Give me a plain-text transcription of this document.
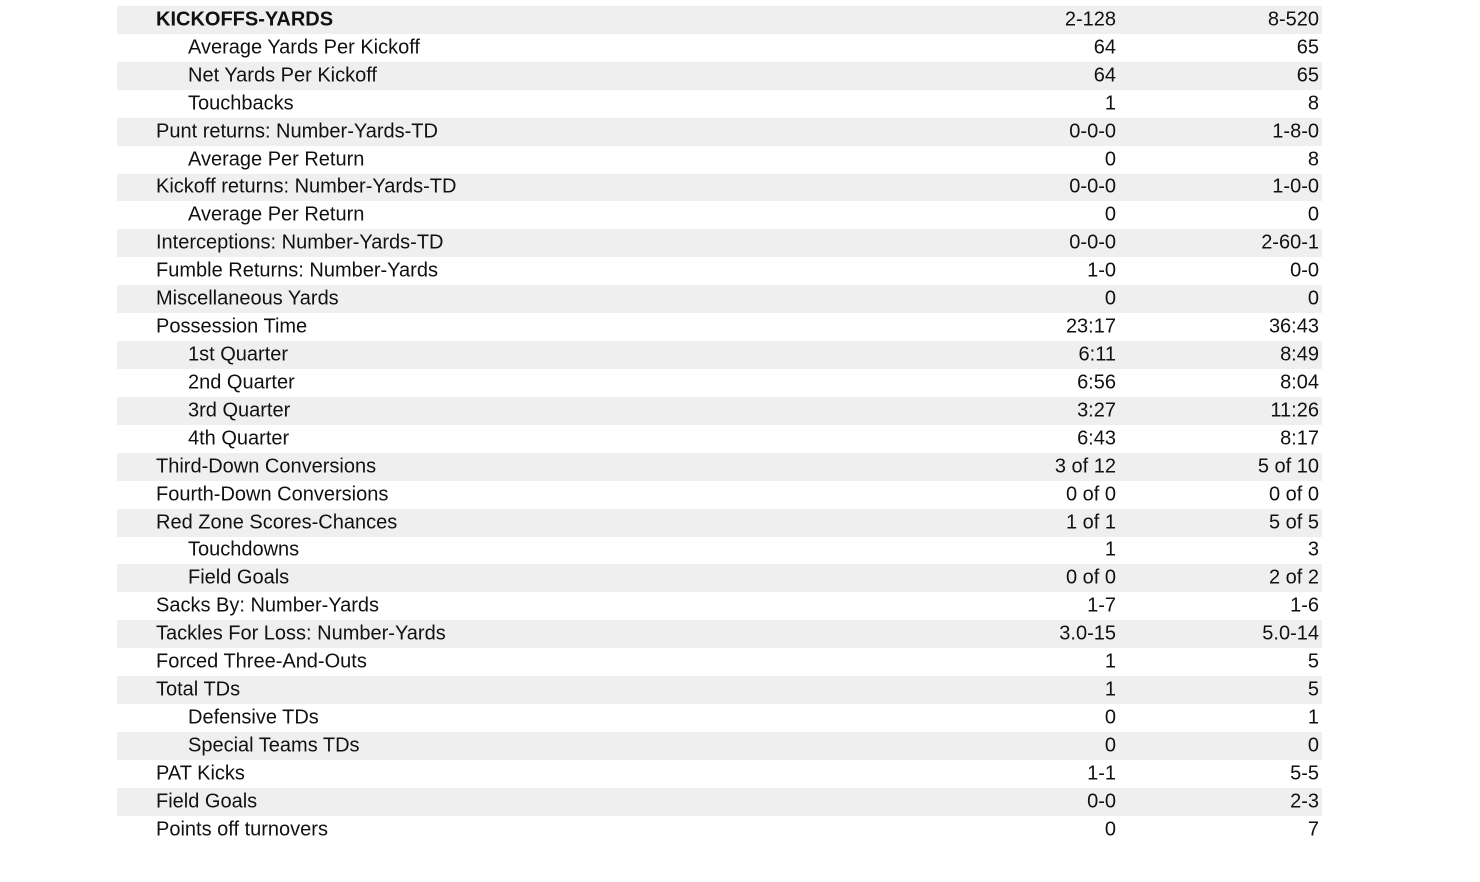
KICKOFFS-YARDS	2-128	8-520
Average Yards Per Kickoff	64	65
Net Yards Per Kickoff	64	65
Touchbacks	1	8
Punt returns: Number-Yards-TD	0-0-0	1-8-0
Average Per Return	0	8
Kickoff returns: Number-Yards-TD	0-0-0	1-0-0
Average Per Return	0	0
Interceptions: Number-Yards-TD	0-0-0	2-60-1
Fumble Returns: Number-Yards	1-0	0-0
Miscellaneous Yards	0	0
Possession Time	23:17	36:43
1st Quarter	6:11	8:49
2nd Quarter	6:56	8:04
3rd Quarter	3:27	11:26
4th Quarter	6:43	8:17
Third-Down Conversions	3 of 12	5 of 10
Fourth-Down Conversions	0 of 0	0 of 0
Red Zone Scores-Chances	1 of 1	5 of 5
Touchdowns	1	3
Field Goals	0 of 0	2 of 2
Sacks By: Number-Yards	1-7	1-6
Tackles For Loss: Number-Yards	3.0-15	5.0-14
Forced Three-And-Outs	1	5
Total TDs	1	5
Defensive TDs	0	1
Special Teams TDs	0	0
PAT Kicks	1-1	5-5
Field Goals	0-0	2-3
Points off turnovers	0	7
